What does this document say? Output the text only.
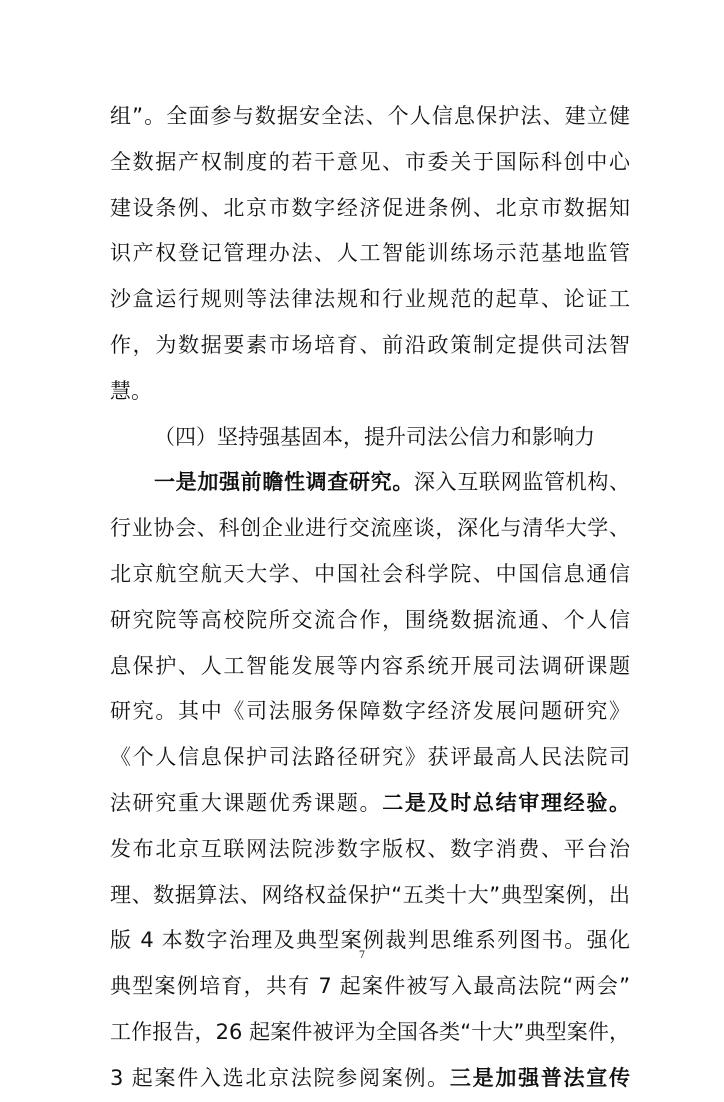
组”。全面参与数据安全法、个人信息保护法、建立健
全数据产权制度的若干意见、市委关于国际科创中心
建设条例、北京市数字经济促进条例、北京市数据知
识产权登记管理办法、人工智能训练场示范基地监管
沙盒运行规则等法律法规和行业规范的起草、论证工
作，为数据要素市场培育、前沿政策制定提供司法智
慧。
（四）坚持强基固本，提升司法公信力和影响力
一是加强前瞻性调查研究。深入互联网监管机构、
行业协会、科创企业进行交流座谈，深化与清华大学、
北京航空航天大学、中国社会科学院、中国信息通信
研究院等高校院所交流合作，围绕数据流通、个人信
息保护、人工智能发展等内容系统开展司法调研课题
研究。其中《司法服务保障数字经济发展问题研究》
《个人信息保护司法路径研究》获评最高人民法院司
法研究重大课题优秀课题。二是及时总结审理经验。
发布北京互联网法院涉数字版权、数字消费、平台治
理、数据算法、网络权益保护“五类十大”典型案例，出
版 4 本数字治理及典型案例裁判思维系列图书。强化
典型案例培育，共有 7 起案件被写入最高法院“两会”
工作报告，26 起案件被评为全国各类“十大”典型案件，
3 起案件入选北京法院参阅案例。三是加强普法宣传
7
